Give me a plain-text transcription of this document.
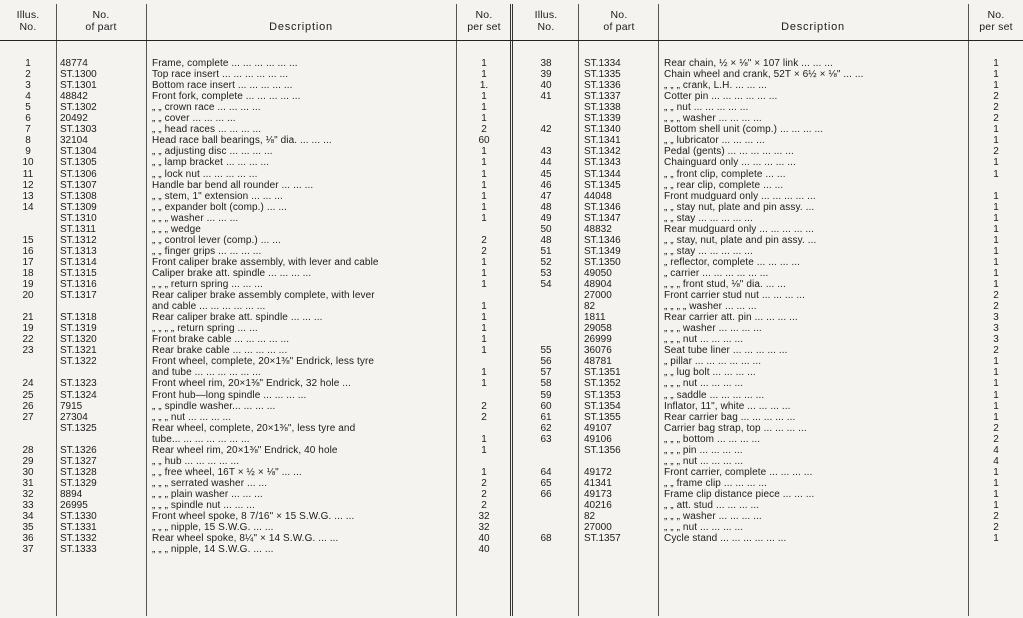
Illus.
No.
No.
of part	Description
No.
per set
Illus.
No.
No.
of part	Description
No.
per set
1	48774	Frame, complete ... ... ... ... ... ...	1
2	ST.1300	Top race insert ... ... ... ... ... ...	1
3	ST.1301	Bottom race insert ... ... ... ... ...	1.
4	48842	Front fork, complete ... ... ... ... ...	1
5	ST.1302	„ „ crown race ... ... ... ...	1
6	20492	„ „ cover ... ... ... ...	1
7	ST.1303	„ „ head races ... ... ... ...	2
8	32104	Head race ball bearings, ⅛" dia. ... ... ...	60
9	ST.1304	„ „ adjusting disc ... ... ... ...	1
10	ST.1305	„ „ lamp bracket ... ... ... ...	1
11	ST.1306	„ „ lock nut ... ... ... ... ...	1
12	ST.1307	Handle bar bend all rounder ... ... ...	1
13	ST.1308	„ „ stem, 1" extension ... ... ...	1
14	ST.1309	„ „ expander bolt (comp.) ... ...	1
ST.1310	„ „ „ washer ... ... ...	1
ST.1311	„ „ „ wedge
15	ST.1312	„ „ control lever (comp.) ... ...	2
16	ST.1313	„ „ finger grips ... ... ... ...	2
17	ST.1314	Front caliper brake assembly, with lever and cable	1
18	ST.1315	Caliper brake att. spindle ... ... ... ...	1
19	ST.1316	„ „ „ return spring ... ... ...	1
20	ST.1317	Rear caliper brake assembly complete, with lever
and cable ... ... ... ... ... ...	1
21	ST.1318	Rear caliper brake att. spindle ... ... ...	1
19	ST.1319	„ „ „ „ return spring ... ...	1
22	ST.1320	Front brake cable ... ... ... ... ...	1
23	ST.1321	Rear brake cable ... ... ... ... ...	1
ST.1322	Front wheel, complete, 20×1⅜" Endrick, less tyre
and tube ... ... ... ... ... ...	1
24	ST.1323	Front wheel rim, 20×1⅜" Endrick, 32 hole ...	1
25	ST.1324	Front hub—long spindle ... ... ... ...
26	7915	„ „ spindle washer... ... ... ...	2
27	27304	„ „ „ nut ... ... ... ...	2
ST.1325	Rear wheel, complete, 20×1⅜", less tyre and
tube... ... ... ... ... ... ...	1
28	ST.1326	Rear wheel rim, 20×1⅜" Endrick, 40 hole	1
29	ST.1327	„ „ hub ... ... ... ... ...
30	ST.1328	„ „ free wheel, 16T × ½ × ⅛" ... ...	1
31	ST.1329	„ „ „ serrated washer ... ...	2
32	8894	„ „ „ plain washer ... ... ...	2
33	26995	„ „ „ spindle nut ... ... ...	2
34	ST.1330	Front wheel spoke, 8 7/16" × 15 S.W.G. ... ...	32
35	ST.1331	„ „ „ nipple, 15 S.W.G. ... ...	32
36	ST.1332	Rear wheel spoke, 8¼" × 14 S.W.G. ... ...	40
37	ST.1333	„ „ „ nipple, 14 S.W.G. ... ...	40
38	ST.1334	Rear chain, ½ × ⅛" × 107 link ... ... ...	1
39	ST.1335	Chain wheel and crank, 52T × 6½ × ⅛" ... ...	1
40	ST.1336	„ „ „ crank, L.H. ... ... ...	1
41	ST.1337	Cotter pin ... ... ... ... ... ...	2
ST.1338	„ „ nut ... ... ... ... ...	2
ST.1339	„ „ „ washer ... ... ... ...	2
42	ST.1340	Bottom shell unit (comp.) ... ... ... ...	1
ST.1341	„ „ lubricator ... ... ... ...	1
43	ST.1342	Pedal (gents) ... ... ... ... ... ...	2
44	ST.1343	Chainguard only ... ... ... ... ...	1
45	ST.1344	„ „ front clip, complete ... ...	1
46	ST.1345	„ „ rear clip, complete ... ...
47	44048	Front mudguard only ... ... ... ... ...	1
48	ST.1346	„ „ stay nut, plate and pin assy. ...	1
49	ST.1347	„ „ stay ... ... ... ... ...	1
50	48832	Rear mudguard only ... ... ... ... ...	1
48	ST.1346	„ „ stay, nut, plate and pin assy. ...	1
51	ST.1349	„ „ stay ... ... ... ... ...	1
52	ST.1350	„ reflector, complete ... ... ... ...	1
53	49050	„ carrier ... ... ... ... ... ...	1
54	48904	„ „ „ front stud, ⅛" dia. ... ...	1
27000	Front carrier stud nut ... ... ... ...	2
82	„ „ „ „ washer ... ... ...	2
1811	Rear carrier att. pin ... ... ... ...	3
29058	„ „ „ washer ... ... ... ...	3
26999	„ „ „ nut ... ... ... ...	3
55	36076	Seat tube liner ... ... ... ... ...	2
56	48781	„ pillar ... ... ... ... ... ...	1
57	ST.1351	„ „ lug bolt ... ... ... ...	1
58	ST.1352	„ „ „ nut ... ... ... ...	1
59	ST.1353	„ „ saddle ... ... ... ... ...	1
60	ST.1354	Inflator, 11", white ... ... ... ...	1
61	ST.1355	Rear carrier bag ... ... ... ... ...	1
62	49107	Carrier bag strap, top ... ... ... ...	2
63	49106	„ „ „ bottom ... ... ... ...	2
ST.1356	„ „ „ pin ... ... ... ...	4
„ „ „ nut ... ... ... ...	4
64	49172	Front carrier, complete ... ... ... ...	1
65	41341	„ „ frame clip ... ... ... ...	1
66	49173	Frame clip distance piece ... ... ...	1
40216	„ „ att. stud ... ... ... ...	1
82	„ „ „ washer ... ... ... ...	2
27000	„ „ „ nut ... ... ... ...	2
68	ST.1357	Cycle stand ... ... ... ... ... ...	1
